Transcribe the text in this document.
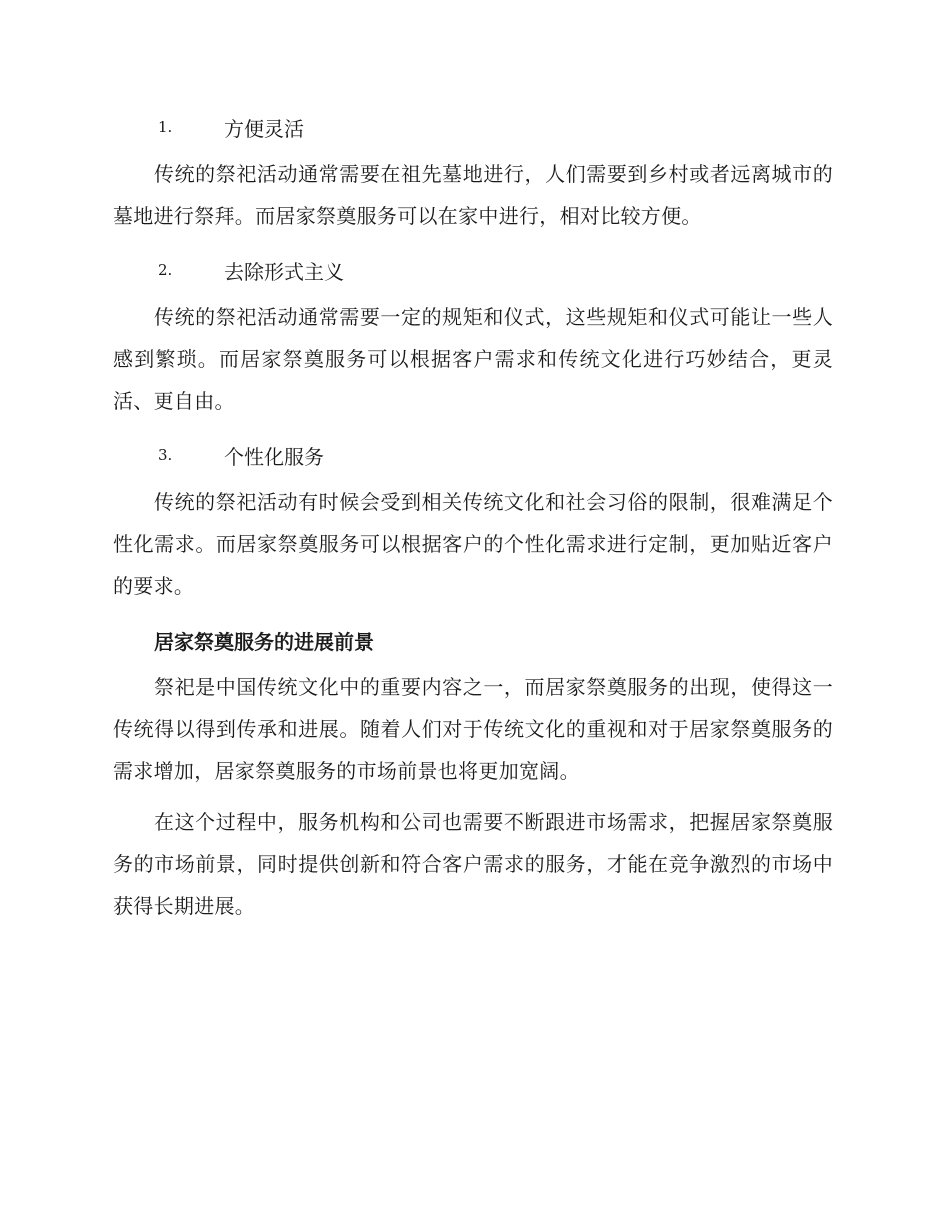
1.	方便灵活

传统的祭祀活动通常需要在祖先墓地进行，人们需要到乡村或者远离城市的墓地进行祭拜。而居家祭奠服务可以在家中进行，相对比较方便。

2.	去除形式主义

传统的祭祀活动通常需要一定的规矩和仪式，这些规矩和仪式可能让一些人感到繁琐。而居家祭奠服务可以根据客户需求和传统文化进行巧妙结合，更灵活、更自由。

3.	个性化服务

传统的祭祀活动有时候会受到相关传统文化和社会习俗的限制，很难满足个性化需求。而居家祭奠服务可以根据客户的个性化需求进行定制，更加贴近客户的要求。

居家祭奠服务的进展前景

祭祀是中国传统文化中的重要内容之一，而居家祭奠服务的出现，使得这一传统得以得到传承和进展。随着人们对于传统文化的重视和对于居家祭奠服务的需求增加，居家祭奠服务的市场前景也将更加宽阔。

在这个过程中，服务机构和公司也需要不断跟进市场需求，把握居家祭奠服务的市场前景，同时提供创新和符合客户需求的服务，才能在竞争激烈的市场中获得长期进展。
